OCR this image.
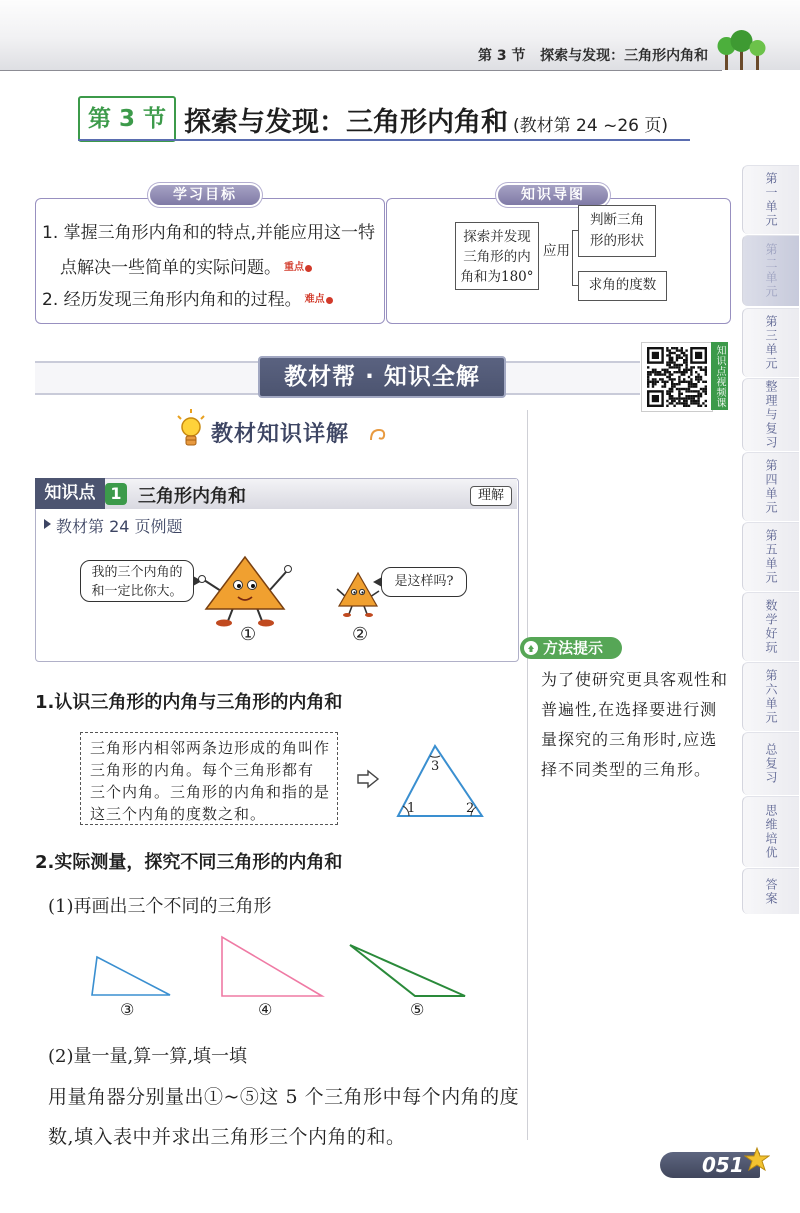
第 3 节 探索与发现：三角形内角和
第 3 节 探索与发现：三角形内角和 (教材第 24 ~26 页)
学习目标
1. 掌握三角形内角和的特点,并能应用这一特
点解决一些简单的实际问题。 重点
2. 经历发现三角形内角和的过程。 难点
知识导图
探索并发现
三角形的内
角和为180°
应用
判断三角
形的形状
求角的度数
教材帮 · 知识全解	知识点视频课
教材知识详解
知识点 1 三角形内角和	理解
教材第 24 页例题
我的三个内角的
和一定比你大。
①
是这样吗?
②
方法提示
为了使研究更具客观性和
普遍性,在选择要进行测
量探究的三角形时,应选
择不同类型的三角形。
1.认识三角形的内角与三角形的内角和
三角形内相邻两条边形成的角叫作
三角形的内角。每个三角形都有
三个内角。三角形的内角和指的是
这三个内角的度数之和。	1	2
3
2.实际测量，探究不同三角形的内角和
(1)再画出三个不同的三角形
③	④	⑤
(2)量一量,算一算,填一填
用量角器分别量出①~⑤这 5 个三角形中每个内角的度
数,填入表中并求出三角形三个内角的和。
051
第一单元
第二单元
第三单元
整理与复习
第四单元
第五单元
数学好玩
第六单元
总复习
思维培优
答案
